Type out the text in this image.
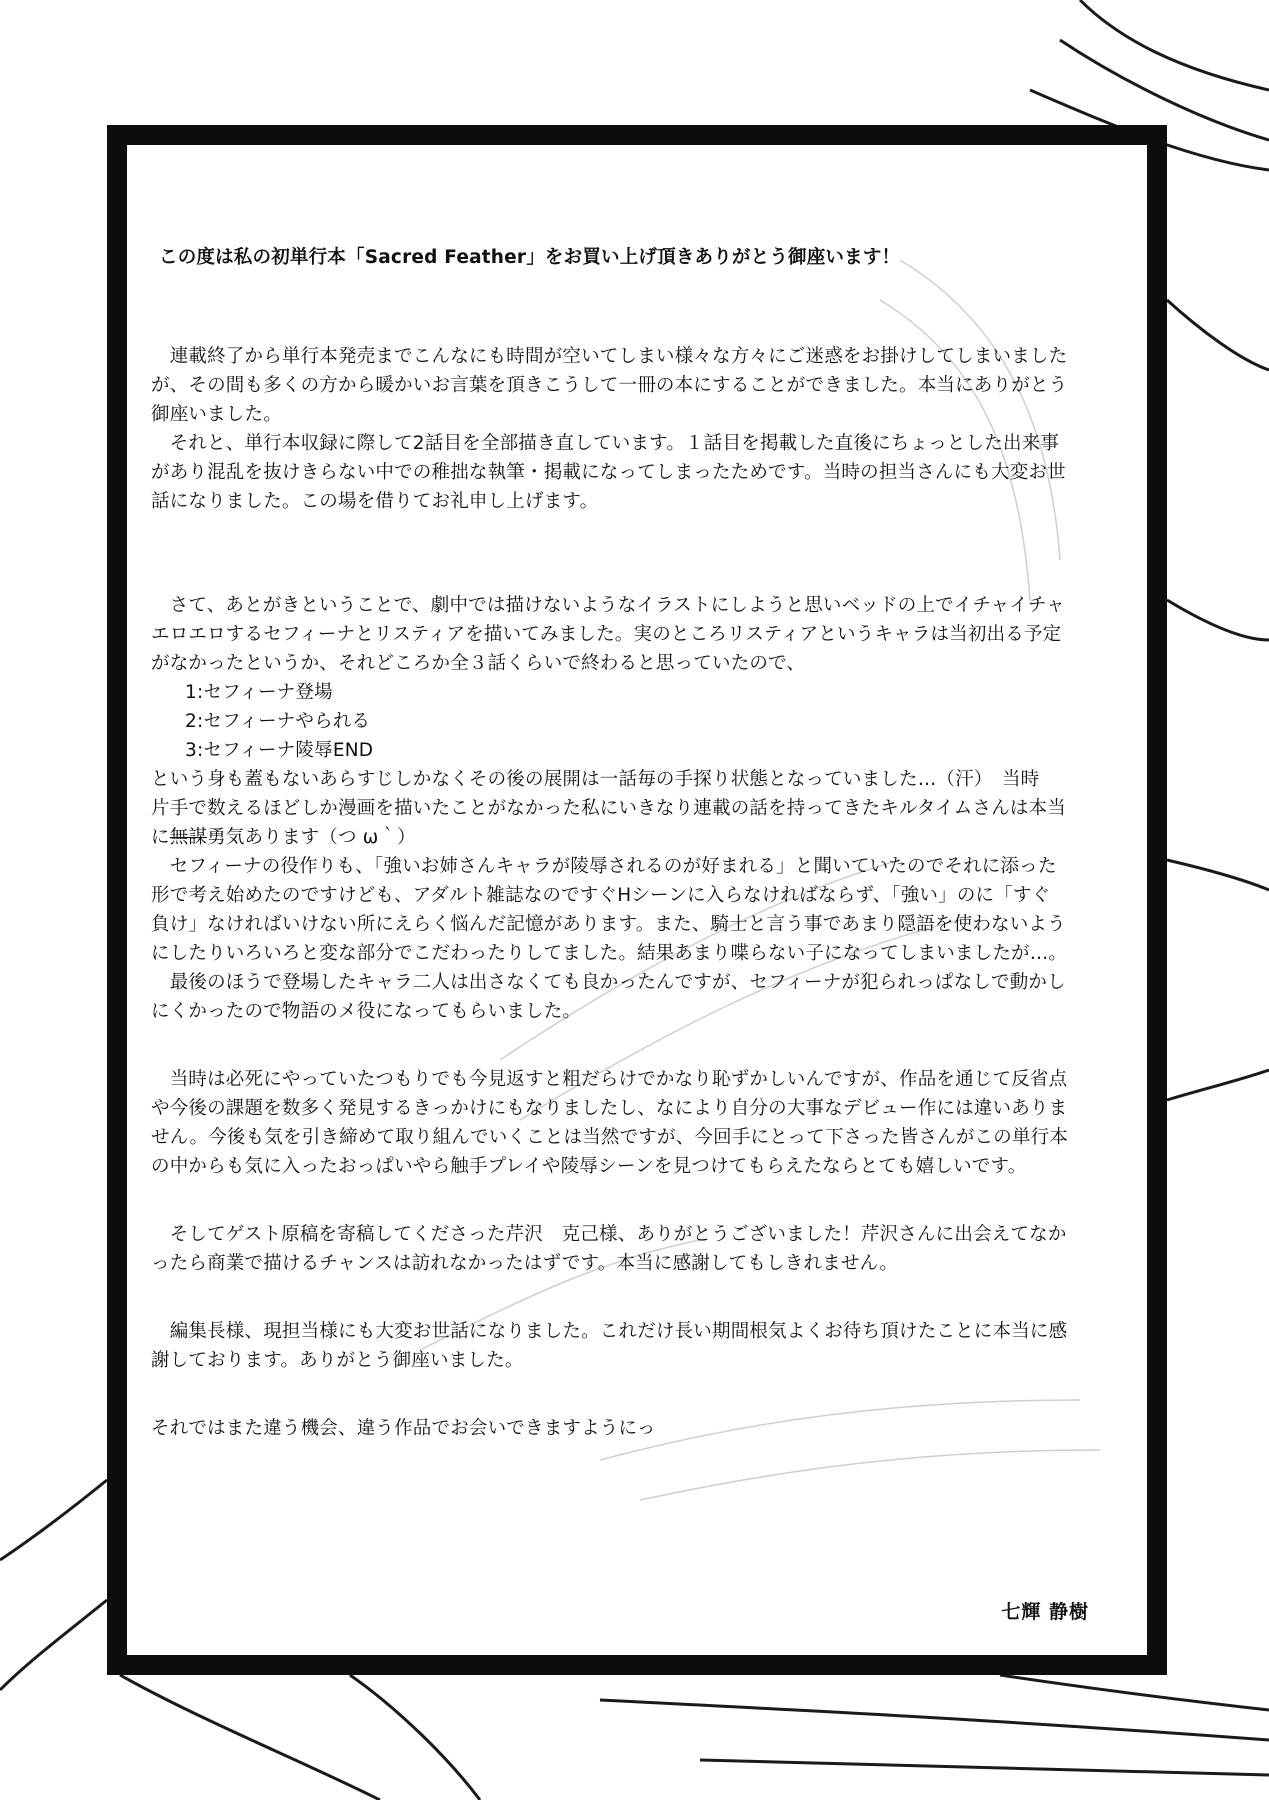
この度は私の初単行本「Sacred Feather」をお買い上げ頂きありがとう御座います！
　連載終了から単行本発売までこんなにも時間が空いてしまい様々な方々にご迷惑をお掛けしてしまいました
が、その間も多くの方から暖かいお言葉を頂きこうして一冊の本にすることができました。本当にありがとう
御座いました。
　それと、単行本収録に際して2話目を全部描き直しています。１話目を掲載した直後にちょっとした出来事
があり混乱を抜けきらない中での稚拙な執筆・掲載になってしまったためです。当時の担当さんにも大変お世
話になりました。この場を借りてお礼申し上げます。
　さて、あとがきということで、劇中では描けないようなイラストにしようと思いベッドの上でイチャイチャ
エロエロするセフィーナとリスティアを描いてみました。実のところリスティアというキャラは当初出る予定
がなかったというか、それどころか全３話くらいで終わると思っていたので、
1:セフィーナ登場
2:セフィーナやられる
3:セフィーナ陵辱END
という身も蓋もないあらすじしかなくその後の展開は一話毎の手探り状態となっていました…（汗）　当時
片手で数えるほどしか漫画を描いたことがなかった私にいきなり連載の話を持ってきたキルタイムさんは本当
に無謀勇気あります（つ ω｀）
　セフィーナの役作りも、「強いお姉さんキャラが陵辱されるのが好まれる」と聞いていたのでそれに添った
形で考え始めたのですけども、アダルト雑誌なのですぐHシーンに入らなければならず、「強い」のに「すぐ
負け」なければいけない所にえらく悩んだ記憶があります。また、騎士と言う事であまり隠語を使わないよう
にしたりいろいろと変な部分でこだわったりしてました。結果あまり喋らない子になってしまいましたが…。
　最後のほうで登場したキャラ二人は出さなくても良かったんですが、セフィーナが犯られっぱなしで動かし
にくかったので物語のメ役になってもらいました。
　当時は必死にやっていたつもりでも今見返すと粗だらけでかなり恥ずかしいんですが、作品を通じて反省点
や今後の課題を数多く発見するきっかけにもなりましたし、なにより自分の大事なデビュー作には違いありま
せん。今後も気を引き締めて取り組んでいくことは当然ですが、今回手にとって下さった皆さんがこの単行本
の中からも気に入ったおっぱいやら触手プレイや陵辱シーンを見つけてもらえたならとても嬉しいです。
　そしてゲスト原稿を寄稿してくださった芹沢　克己様、ありがとうございました！芹沢さんに出会えてなか
ったら商業で描けるチャンスは訪れなかったはずです。本当に感謝してもしきれません。
　編集長様、現担当様にも大変お世話になりました。これだけ長い期間根気よくお待ち頂けたことに本当に感
謝しております。ありがとう御座いました。
それではまた違う機会、違う作品でお会いできますようにっ
七輝 静樹
